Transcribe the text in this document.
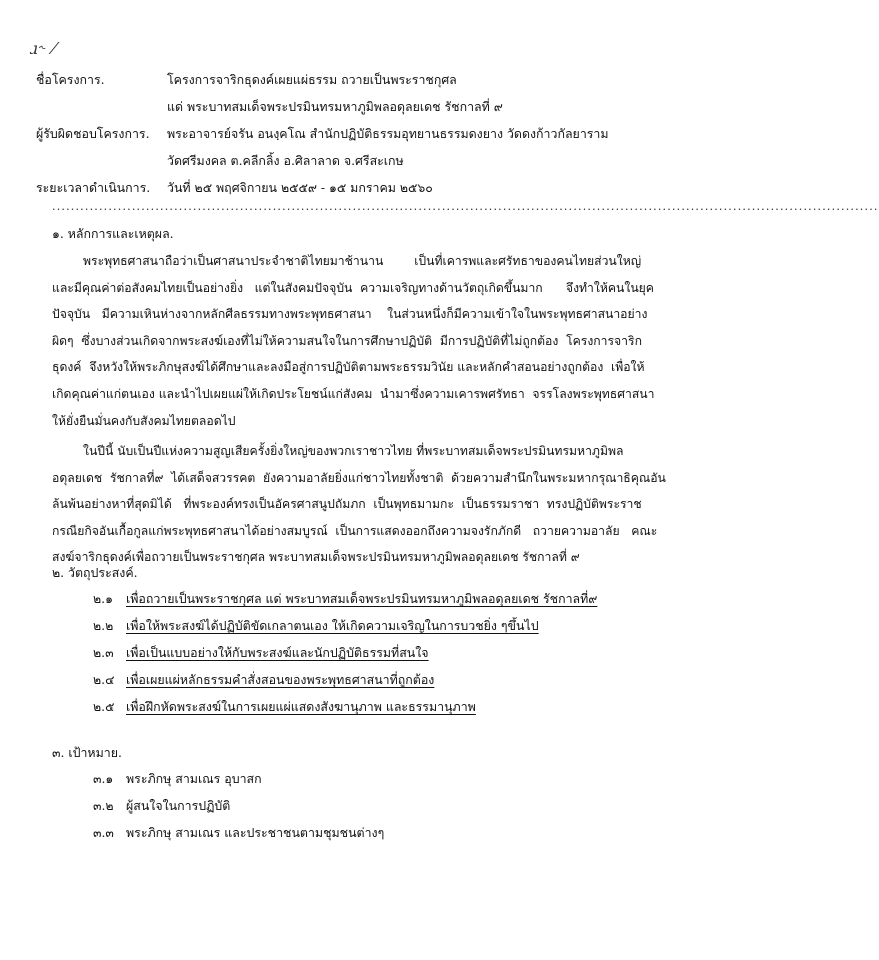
ɹ˞ ⁄
ชื่อโครงการ.	โครงการจาริกธุดงค์เผยแผ่ธรรม ถวายเป็นพระราชกุศล
แด่ พระบาทสมเด็จพระปรมินทรมหาภูมิพลอดุลยเดช รัชกาลที่ ๙
ผู้รับผิดชอบโครงการ.	พระอาจารย์จรัน อนงฺคโณ สำนักปฏิบัติธรรมอุทยานธรรมดงยาง วัดดงก้าวกัลยาราม
วัดศรีมงคล ต.คลีกลิ้ง อ.ศิลาลาด จ.ศรีสะเกษ
ระยะเวลาดำเนินการ.	วันที่ ๒๕ พฤศจิกายน ๒๕๕๙ - ๑๕ มกราคม ๒๕๖๐
................................................................................................................................................................................
๑. หลักการและเหตุผล.
พระพุทธศาสนาถือว่าเป็นศาสนาประจำชาติไทยมาช้านาน        เป็นที่เคารพและศรัทธาของคนไทยส่วนใหญ่
และมีคุณค่าต่อสังคมไทยเป็นอย่างยิ่ง   แต่ในสังคมปัจจุบัน  ความเจริญทางด้านวัตถุเกิดขึ้นมาก      จึงทำให้คนในยุค
ปัจจุบัน   มีความเหินห่างจากหลักศีลธรรมทางพระพุทธศาสนา    ในส่วนหนึ่งก็มีความเข้าใจในพระพุทธศาสนาอย่าง
ผิดๆ  ซึ่งบางส่วนเกิดจากพระสงฆ์เองที่ไม่ให้ความสนใจในการศึกษาปฏิบัติ  มีการปฏิบัติที่ไม่ถูกต้อง  โครงการจาริก
ธุดงค์  จึงหวังให้พระภิกษุสงฆ์ได้ศึกษาและลงมือสู่การปฏิบัติตามพระธรรมวินัย และหลักคำสอนอย่างถูกต้อง  เพื่อให้
เกิดคุณค่าแก่ตนเอง และนำไปเผยแผ่ให้เกิดประโยชน์แก่สังคม  นำมาซึ่งความเคารพศรัทธา  จรรโลงพระพุทธศาสนา
ให้ยั่งยืนมั่นคงกับสังคมไทยตลอดไป
ในปีนี้ นับเป็นปีแห่งความสูญเสียครั้งยิ่งใหญ่ของพวกเราชาวไทย ที่พระบาทสมเด็จพระปรมินทรมหาภูมิพล
อดุลยเดช  รัชกาลที่๙  ได้เสด็จสวรรคต  ยังความอาลัยยิ่งแก่ชาวไทยทั้งชาติ  ด้วยความสำนึกในพระมหากรุณาธิคุณอัน
ล้นพ้นอย่างหาที่สุดมิได้   ที่พระองค์ทรงเป็นอัครศาสนูปถัมภก  เป็นพุทธมามกะ  เป็นธรรมราชา  ทรงปฏิบัติพระราช
กรณียกิจอันเกื้อกูลแก่พระพุทธศาสนาได้อย่างสมบูรณ์  เป็นการแสดงออกถึงความจงรักภักดี   ถวายความอาลัย   คณะ
สงฆ์จาริกธุดงค์เพื่อถวายเป็นพระราชกุศล พระบาทสมเด็จพระปรมินทรมหาภูมิพลอดุลยเดช รัชกาลที่ ๙
๒. วัตถุประสงค์.
๒.๑ เพื่อถวายเป็นพระราชกุศล แด่ พระบาทสมเด็จพระปรมินทรมหาภูมิพลอดุลยเดช รัชกาลที่๙
๒.๒ เพื่อให้พระสงฆ์ได้ปฏิบัติขัดเกลาตนเอง ให้เกิดความเจริญในการบวชยิ่ง ๆขึ้นไป
๒.๓ เพื่อเป็นแบบอย่างให้กับพระสงฆ์และนักปฏิบัติธรรมที่สนใจ
๒.๔ เพื่อเผยแผ่หลักธรรมคำสั่งสอนของพระพุทธศาสนาที่ถูกต้อง
๒.๕ เพื่อฝึกหัดพระสงฆ์ในการเผยแผ่แสดงสังฆานุภาพ และธรรมานุภาพ
๓. เป้าหมาย.
๓.๑ พระภิกษุ สามเณร อุบาสก
๓.๒ ผู้สนใจในการปฏิบัติ
๓.๓ พระภิกษุ สามเณร และประชาชนตามชุมชนต่างๆ
